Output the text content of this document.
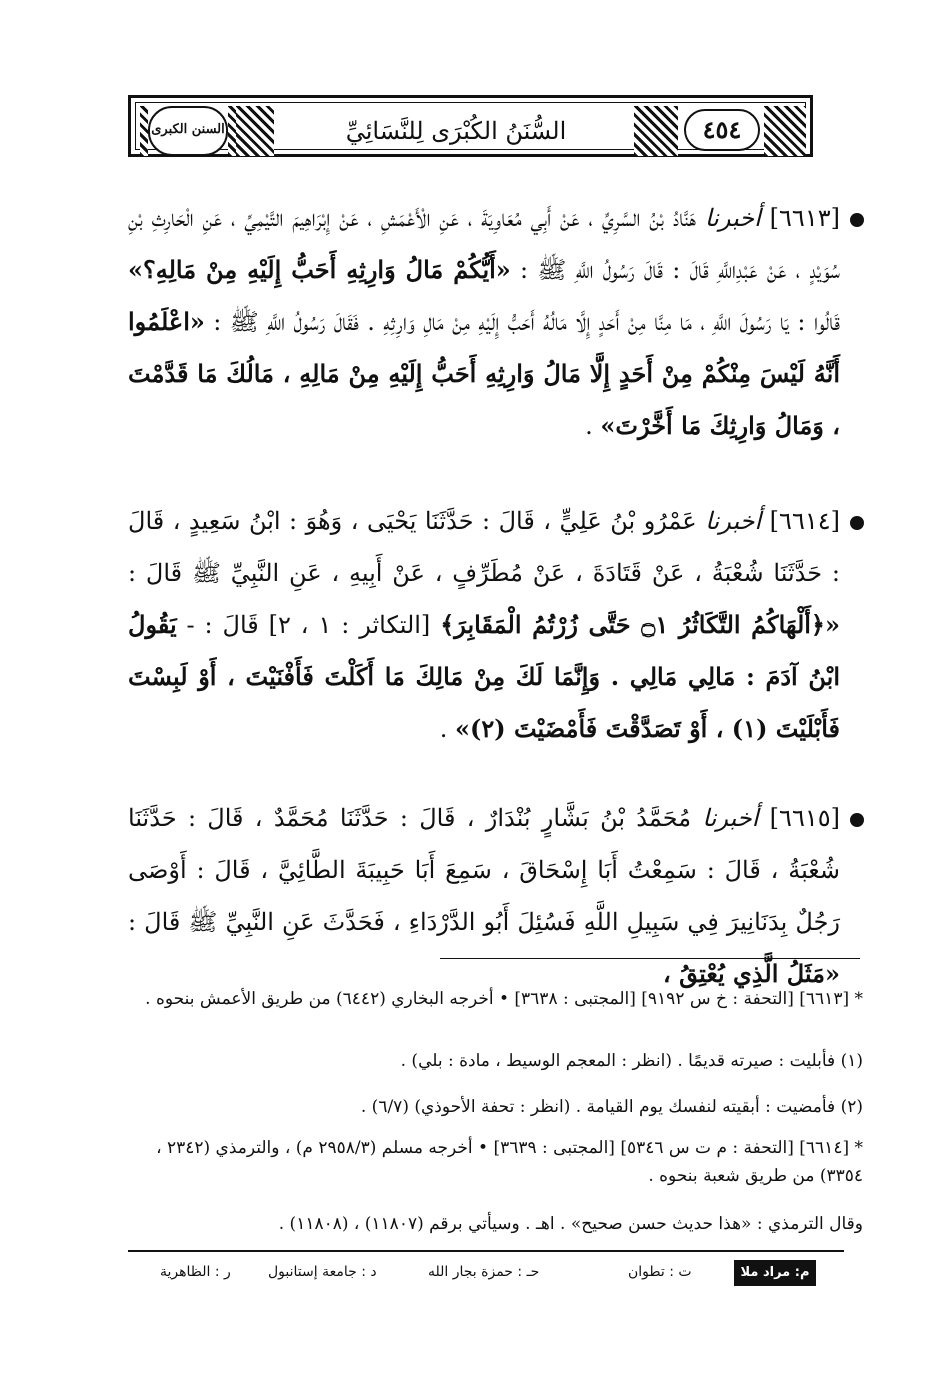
السنن الكبرى	السُّنَنُ الكُبْرَى لِلنَّسَائِيِّ	٤٥٤
[٦٦١٣] أخبرنا هَنَّادُ بْنُ السَّرِيِّ ، عَنْ أَبِي مُعَاوِيَةَ ، عَنِ الْأَعْمَشِ ، عَنْ إِبْرَاهِيمَ التَّيْمِيِّ ، عَنِ الْحَارِثِ بْنِ سُوَيْدٍ ، عَنْ عَبْدِاللَّهِ قَالَ : قَالَ رَسُولُ اللَّهِ ﷺ : «أَيُّكُمْ مَالُ وَارِثِهِ أَحَبُّ إِلَيْهِ مِنْ مَالِهِ؟» قَالُوا : يَا رَسُولَ اللَّهِ ، مَا مِنَّا مِنْ أَحَدٍ إِلَّا مَالُهُ أَحَبُّ إِلَيْهِ مِنْ مَالِ وَارِثِهِ . فَقَالَ رَسُولُ اللَّهِ ﷺ : «اعْلَمُوا أَنَّهُ لَيْسَ مِنْكُمْ مِنْ أَحَدٍ إِلَّا مَالُ وَارِثِهِ أَحَبُّ إِلَيْهِ مِنْ مَالِهِ ، مَالُكَ مَا قَدَّمْتَ ، وَمَالُ وَارِثِكَ مَا أَخَّرْتَ» .
[٦٦١٤] أخبرنا عَمْرُو بْنُ عَلِيٍّ ، قَالَ : حَدَّثَنَا يَحْيَى ، وَهُوَ : ابْنُ سَعِيدٍ ، قَالَ : حَدَّثَنَا شُعْبَةُ ، عَنْ قَتَادَةَ ، عَنْ مُطَرِّفٍ ، عَنْ أَبِيهِ ، عَنِ النَّبِيِّ ﷺ قَالَ : «﴿أَلْهَاكُمُ التَّكَاثُرُ ۝١ حَتَّى زُرْتُمُ الْمَقَابِرَ﴾ [التكاثر : ١ ، ٢] قَالَ : - يَقُولُ ابْنُ آدَمَ : مَالِي مَالِي . وَإِنَّمَا لَكَ مِنْ مَالِكَ مَا أَكَلْتَ فَأَفْنَيْتَ ، أَوْ لَبِسْتَ فَأَبْلَيْتَ (١) ، أَوْ تَصَدَّقْتَ فَأَمْضَيْتَ (٢)» .
[٦٦١٥] أخبرنا مُحَمَّدُ بْنُ بَشَّارٍ بُنْدَارٌ ، قَالَ : حَدَّثَنَا مُحَمَّدٌ ، قَالَ : حَدَّثَنَا شُعْبَةُ ، قَالَ : سَمِعْتُ أَبَا إِسْحَاقَ ، سَمِعَ أَبَا حَبِيبَةَ الطَّائِيَّ ، قَالَ : أَوْصَى رَجُلٌ بِدَنَانِيرَ فِي سَبِيلِ اللَّهِ فَسُئِلَ أَبُو الدَّرْدَاءِ ، فَحَدَّثَ عَنِ النَّبِيِّ ﷺ قَالَ : «مَثَلُ الَّذِي يُعْتِقُ ،
* [٦٦١٣] [التحفة : خ س ٩١٩٢] [المجتبى : ٣٦٣٨] • أخرجه البخاري (٦٤٤٢) من طريق الأعمش بنحوه .
(١) فأبليت : صيرته قديمًا . (انظر : المعجم الوسيط ، مادة : بلي) .
(٢) فأمضيت : أبقيته لنفسك يوم القيامة . (انظر : تحفة الأحوذي) (٦/٧) .
* [٦٦١٤] [التحفة : م ت س ٥٣٤٦] [المجتبى : ٣٦٣٩] • أخرجه مسلم (٢٩٥٨/٣ م) ، والترمذي (٢٣٤٢ ، ٣٣٥٤) من طريق شعبة بنحوه .
وقال الترمذي : «هذا حديث حسن صحيح» . اهـ . وسيأتي برقم (١١٨٠٧) ، (١١٨٠٨) .
م: مراد ملا
ت : تطوان
حـ : حمزة بجار الله
د : جامعة إستانبول
ر : الظاهرية
